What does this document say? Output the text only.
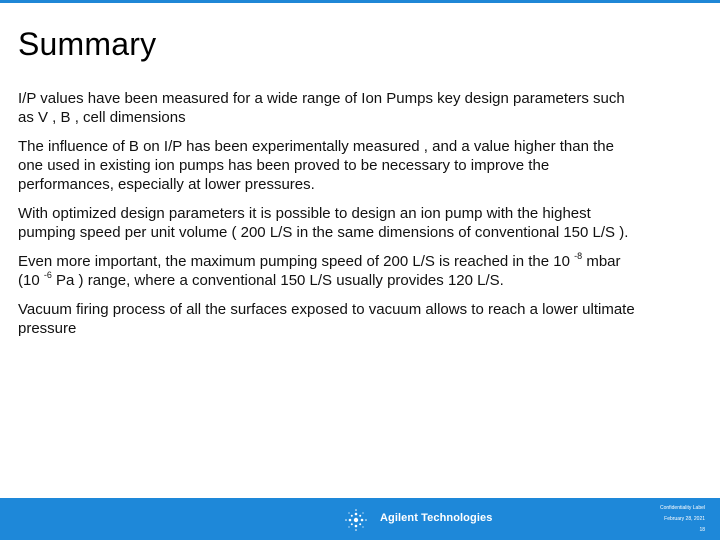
Summary

I/P values have been measured for a wide range of Ion Pumps key design parameters such as V , B , cell dimensions

The influence of B on I/P has been experimentally measured , and a value higher than the one used in existing ion pumps has been proved to be necessary to improve the performances, especially at lower pressures.

With optimized design parameters it is possible to design an ion pump with the highest pumping speed per unit volume ( 200 L/S in the same dimensions of conventional 150 L/S ).

Even more important, the maximum pumping speed of 200 L/S is reached in the 10 $^{-8}$ mbar (10 $^{-6}$ Pa ) range, where a conventional 150 L/S usually provides 120 L/S.

Vacuum firing process of all the surfaces exposed to vacuum allows to reach a lower ultimate pressure

Agilent Technologies
Confidentiality Label
February 28, 2021
18
